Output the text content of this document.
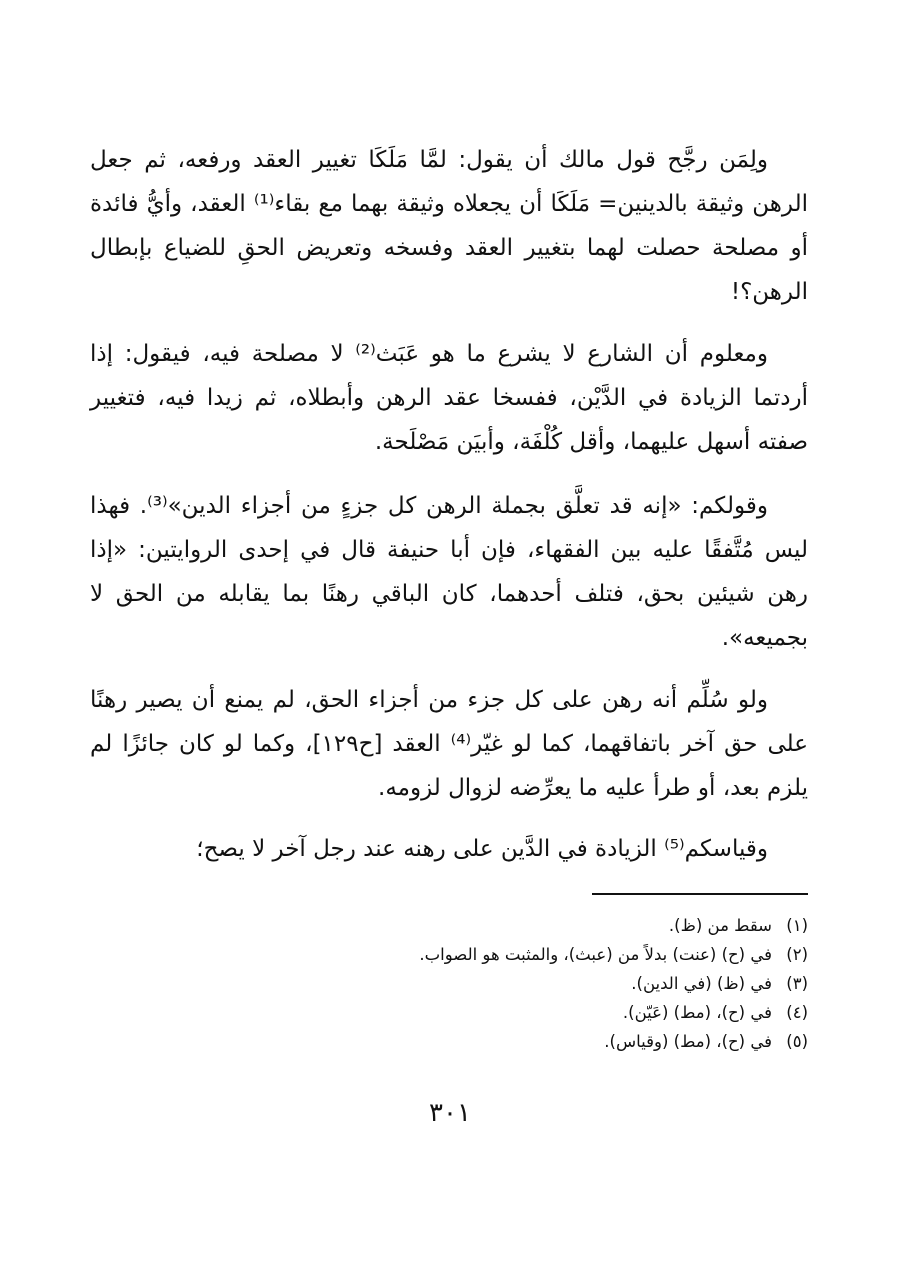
ولِمَن رجَّح قول مالك أن يقول: لمَّا مَلَكَا تغيير العقد ورفعه، ثم جعل الرهن وثيقة بالدينين= مَلَكَا أن يجعلاه وثيقة بهما مع بقاء⁽¹⁾ العقد، وأيُّ فائدة أو مصلحة حصلت لهما بتغيير العقد وفسخه وتعريض الحقِ للضياع بإبطال الرهن؟!

ومعلوم أن الشارع لا يشرع ما هو عَبَث⁽²⁾ لا مصلحة فيه، فيقول: إذا أردتما الزيادة في الدَّيْن، ففسخا عقد الرهن وأبطلاه، ثم زيدا فيه، فتغيير صفته أسهل عليهما، وأقل كُلْفَة، وأبيَن مَصْلَحة.

وقولكم: «إنه قد تعلَّق بجملة الرهن كل جزءٍ من أجزاء الدين»⁽³⁾. فهذا ليس مُتَّفقًا عليه بين الفقهاء، فإن أبا حنيفة قال في إحدى الروايتين: «إذا رهن شيئين بحق، فتلف أحدهما، كان الباقي رهنًا بما يقابله من الحق لا بجميعه».

ولو سُلِّم أنه رهن على كل جزء من أجزاء الحق، لم يمنع أن يصير رهنًا على حق آخر باتفاقهما، كما لو غيّر⁽⁴⁾ العقد [ح١٢٩]، وكما لو كان جائزًا لم يلزم بعد، أو طرأ عليه ما يعرِّضه لزوال لزومه.

وقياسكم⁽⁵⁾ الزيادة في الدَّين على رهنه عند رجل آخر لا يصح؛

(١)
سقط من (ظ).
(٢)
في (ح) (عنت) بدلاً من (عبث)، والمثبت هو الصواب.
(٣)
في (ظ) (في الدين).
(٤)
في (ح)، (مط) (عَيّن).
(٥)
في (ح)، (مط) (وقياس).
٣٠١
